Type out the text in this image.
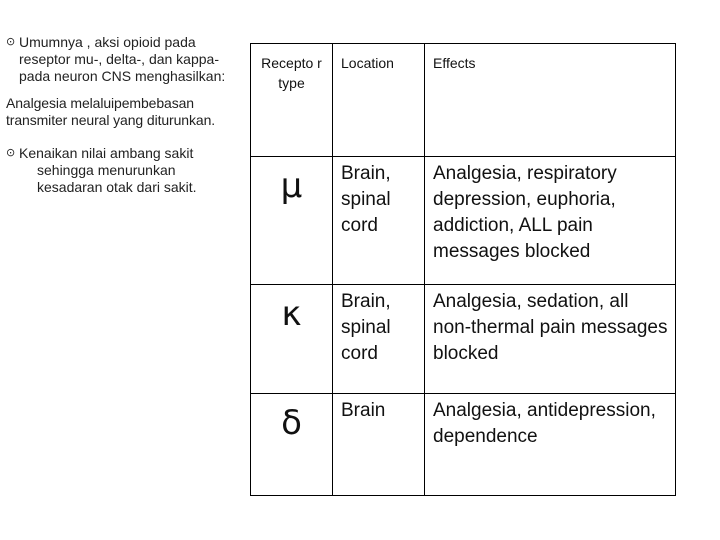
⊙ Umumnya , aksi opioid pada reseptor mu-, delta-, dan kappa-pada neuron CNS menghasilkan:
Analgesia melaluipembebasan transmiter neural yang diturunkan.
⊙ Kenaikan nilai ambang sakit
sehingga menurunkan
kesadaran otak dari sakit.
Recepto r type	Location	Effects
μ	Brain, spinal cord	Analgesia, respiratory depression, euphoria, addiction, ALL pain messages blocked
κ	Brain, spinal cord	Analgesia, sedation, all non-thermal pain messages blocked
δ	Brain	Analgesia, antidepression, dependence
